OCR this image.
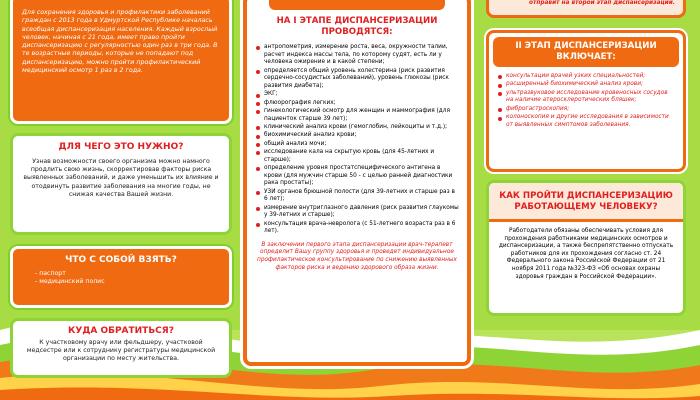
Для сохранения здоровья и профилактики заболеваний граждан с 2013 года в Удмуртской Республике началась всеобщая диспансеризация населения. Каждый взрослый человек, начиная с 21 года, имеет право пройти диспансеризацию с регулярностью один раз в три года. В те возрастные периоды, которые не попадают под диспансеризацию, можно пройти профилактический медицинский осмотр 1 раз в 2 года.
ДЛЯ ЧЕГО ЭТО НУЖНО?
Узнав возможности своего организма можно намного продлить свою жизнь, скорректировав факторы риска выявленных заболеваний, и даже уменьшить их влияние и отодвинуть развитие заболевания на многие годы, не снижая качества Вашей жизни.
ЧТО С СОБОЙ ВЗЯТЬ?
- паспорт
- медицинский полис
КУДА ОБРАТИТЬСЯ?
К участковому врачу или фельдшеру, участковой медсестре или к сотруднику регистратуры медицинской организации по месту жительства.
НА I ЭТАПЕ ДИСПАНСЕРИЗАЦИИ ПРОВОДЯТСЯ:
антропометрия, измерение роста, веса, окружности талии, расчет индекса массы тела, по которому судят, есть ли у человека ожирение и в какой степени;
определяется общий уровень холестерина (риск развития сердечно-сосудистых заболеваний), уровень глюкозы (риск развития диабета);
ЭКГ;
флюорография легких;
гинекологический осмотр для женщин и маммография (для пациенток старше 39 лет);
клинический анализ крови (гемоглобин, лейкоциты и т.д.);
биохимический анализ крови;
общий анализ мочи;
исследование кала на скрытую кровь (для 45-летних и старше);
определение уровня простатспецифического антигена в крови (для мужчин старше 50 - с целью ранней диагностики рака простаты);
УЗИ органов брюшной полости (для 39-летних и старше раз в 6 лет);
измерение внутриглазного давления (риск развития глаукомы у 39-летних и старше);
консультация врача-невролога (с 51-летнего возраста раз в 6 лет).
В заключении первого этапа диспансеризации врач-терапевт определит Вашу группу здоровья и проведет индивидуальное профилактическое консультирование по снижению выявленных факторов риска и ведению здорового образа жизни.
отправит на второй этап диспансеризации.
II ЭТАП ДИСПАНСЕРИЗАЦИИ ВКЛЮЧАЕТ:
консультации врачей узких специальностей;
расширенный биохимический анализ крови;
ультразвуковое исследование кровеносных сосудов на наличие атеросклеротических бляшек;
фиброгастроскопия;
колоноскопия и другие исследования в зависимости от выявленных симптомов заболевания.
КАК ПРОЙТИ ДИСПАНСЕРИЗАЦИЮ РАБОТАЮЩЕМУ ЧЕЛОВЕКУ?
Работодатели обязаны обеспечивать условия для прохождения работниками медицинских осмотров и диспансеризации, а также беспрепятственно отпускать работников для их прохождения согласно ст. 24 Федерального закона Российской Федерации от 21 ноября 2011 года №323-ФЗ «Об основах охраны здоровья граждан в Российской Федерации».
